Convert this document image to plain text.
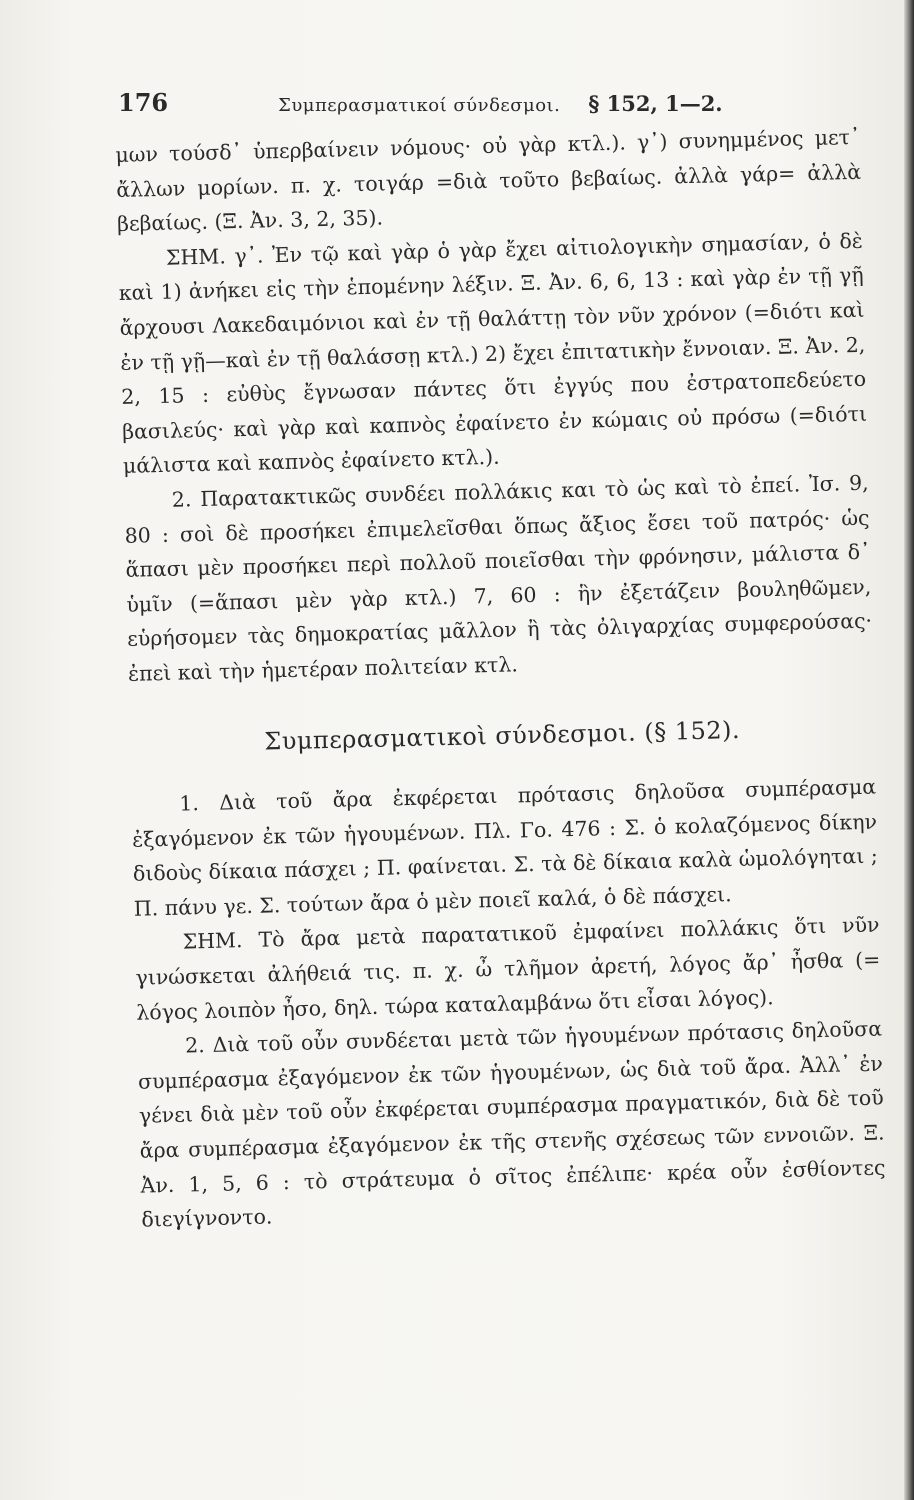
176	Συμπερασματικοί σύνδεσμοι. § 152, 1—2.

μων τούσδ᾽ ὑπερβαίνειν νόμους· οὐ γὰρ κτλ.). γ᾽) συνημμένος μετ᾽ ἄλλων μορίων. π. χ. τοιγάρ =διὰ τοῦτο βεβαίως. ἀλλὰ γάρ= ἀλλὰ βεβαίως. (Ξ. Ἀν. 3, 2, 35).

ΣΗΜ. γ᾽. Ἐν τῷ καὶ γὰρ ὁ γὰρ ἔχει αἰτιολογικὴν σημασίαν, ὁ δὲ καὶ 1) ἀνήκει εἰς τὴν ἑπομένην λέξιν. Ξ. Ἀν. 6, 6, 13 : καὶ γὰρ ἐν τῇ γῇ ἄρχουσι Λακεδαιμόνιοι καὶ ἐν τῇ θαλάττῃ τὸν νῦν χρόνον (=διότι καὶ ἐν τῇ γῇ—καὶ ἐν τῇ θαλάσσῃ κτλ.) 2) ἔχει ἐπιτατικὴν ἔννοιαν. Ξ. Ἀν. 2, 2, 15 : εὐθὺς ἔγνωσαν πάντες ὅτι ἐγγύς που ἐστρατοπεδεύετο βασιλεύς· καὶ γὰρ καὶ καπνὸς ἐφαίνετο ἐν κώμαις οὐ πρόσω (=διότι μάλιστα καὶ καπνὸς ἐφαίνετο κτλ.).

2. Παρατακτικῶς συνδέει πολλάκις και τὸ ὡς καὶ τὸ ἐπεί. Ἰσ. 9, 80 : σοὶ δὲ προσήκει ἐπιμελεῖσθαι ὅπως ἄξιος ἔσει τοῦ πατρός· ὡς ἅπασι μὲν προσήκει περὶ πολλοῦ ποιεῖσθαι τὴν φρόνησιν, μάλιστα δ᾽ ὑμῖν (=ἅπασι μὲν γὰρ κτλ.) 7, 60 : ἣν ἐξετάζειν βουληθῶμεν, εὑρήσομεν τὰς δημοκρατίας μᾶλλον ἢ τὰς ὀλιγαρχίας συμφερούσας· ἐπεὶ καὶ τὴν ἡμετέραν πολιτείαν κτλ.

Συμπερασματικοὶ σύνδεσμοι. (§ 152).

1. Διὰ τοῦ ἄρα ἐκφέρεται πρότασις δηλοῦσα συμπέρασμα ἐξαγόμενον ἐκ τῶν ἡγουμένων. Πλ. Γο. 476 : Σ. ὁ κολαζόμενος δίκην διδοὺς δίκαια πάσχει ; Π. φαίνεται. Σ. τὰ δὲ δίκαια καλὰ ὡμολόγηται ; Π. πάνυ γε. Σ. τούτων ἄρα ὁ μὲν ποιεῖ καλά, ὁ δὲ πάσχει.

ΣΗΜ. Τὸ ἄρα μετὰ παρατατικοῦ ἐμφαίνει πολλάκις ὅτι νῦν γινώσκεται ἀλήθειά τις. π. χ. ὦ τλῆμον ἀρετή, λόγος ἄρ᾽ ἦσθα (= λόγος λοιπὸν ἦσο, δηλ. τώρα καταλαμβάνω ὅτι εἶσαι λόγος).

2. Διὰ τοῦ οὖν συνδέεται μετὰ τῶν ἡγουμένων πρότασις δηλοῦσα συμπέρασμα ἐξαγόμενον ἐκ τῶν ἡγουμένων, ὡς διὰ τοῦ ἄρα. Ἀλλ᾽ ἐν γένει διὰ μὲν τοῦ οὖν ἐκφέρεται συμπέρασμα πραγματικόν, διὰ δὲ τοῦ ἄρα συμπέρασμα ἐξαγόμενον ἐκ τῆς στενῆς σχέσεως τῶν εννοιῶν. Ξ. Ἀν. 1, 5, 6 : τὸ στράτευμα ὁ σῖτος ἐπέλιπε· κρέα οὖν ἐσθίοντες διεγίγνοντο.
